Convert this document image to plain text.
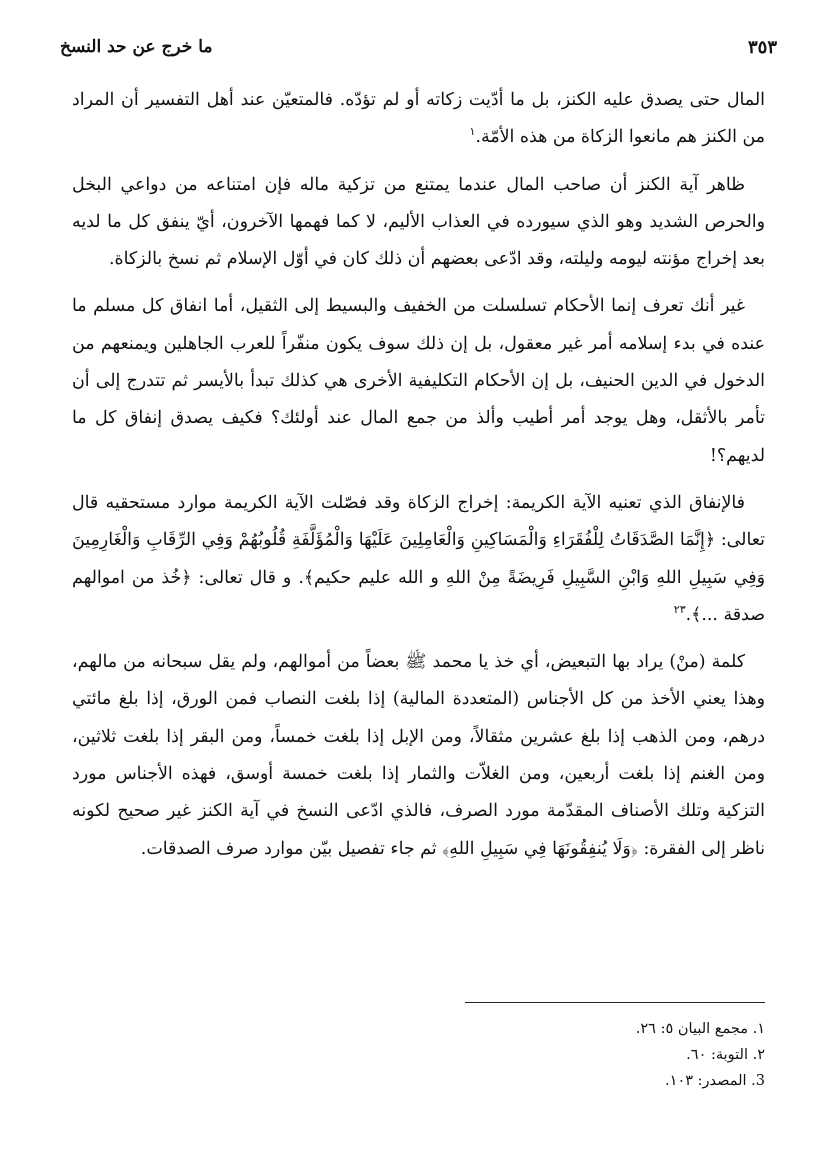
ما خرج عن حد النسخ	٣٥٣

المال حتى يصدق عليه الكنز، بل ما أدّيت زكاته أو لم تؤدّه. فالمتعيّن عند أهل التفسير أن المراد من الكنز هم مانعوا الزكاة من هذه الأمّة.$^١$

ظاهر آية الكنز أن صاحب المال عندما يمتنع من تزكية ماله فإن امتناعه من دواعي البخل والحرص الشديد وهو الذي سيورده في العذاب الأليم، لا كما فهمها الآخرون، أيّ ينفق كل ما لديه بعد إخراج مؤنته ليومه وليلته، وقد ادّعى بعضهم أن ذلك كان في أوّل الإسلام ثم نسخ بالزكاة.

غير أنك تعرف إنما الأحكام تسلسلت من الخفيف والبسيط إلى الثقيل، أما انفاق كل مسلم ما عنده في بدء إسلامه أمر غير معقول، بل إن ذلك سوف يكون منفّراً للعرب الجاهلين ويمنعهم من الدخول في الدين الحنيف، بل إن الأحكام التكليفية الأخرى هي كذلك تبدأ بالأيسر ثم تتدرج إلى أن تأمر بالأثقل، وهل يوجد أمر أطيب وألذ من جمع المال عند أولئك؟ فكيف يصدق إنفاق كل ما لديهم؟!

فالإنفاق الذي تعنيه الآية الكريمة: إخراج الزكاة وقد فصّلت الآية الكريمة موارد مستحقيه قال تعالى: ﴿إِنَّمَا الصَّدَقَاتُ لِلْفُقَرَاءِ وَالْمَسَاكِينِ وَالْعَامِلِينَ عَلَيْهَا وَالْمُؤَلَّفَةِ قُلُوبُهُمْ وَفِي الرِّقَابِ وَالْغَارِمِينَ وَفِي سَبِيلِ اللهِ وَابْنِ السَّبِيلِ فَرِيضَةً مِنْ اللهِ و الله عليم حكيم﴾. و قال تعالى: ﴿خُذ من اموالهم صدقة ...﴾.$^{٢٣}$

كلمة (منْ) يراد بها التبعيض، أي خذ يا محمد ﷺ بعضاً من أموالهم، ولم يقل سبحانه من مالهم، وهذا يعني الأخذ من كل الأجناس (المتعددة المالية) إذا بلغت النصاب فمن الورق، إذا بلغ مائتي درهم، ومن الذهب إذا بلغ عشرين مثقالاً، ومن الإبل إذا بلغت خمساً، ومن البقر إذا بلغت ثلاثين، ومن الغنم إذا بلغت أربعين، ومن الغلاّت والثمار إذا بلغت خمسة أوسق، فهذه الأجناس مورد التزكية وتلك الأصناف المقدّمة مورد الصرف، فالذي ادّعى النسخ في آية الكنز غير صحيح لكونه ناظر إلى الفقرة: ﴿وَلَا يُنفِقُونَهَا فِي سَبِيلِ اللهِ﴾ ثم جاء تفصيل بيّن موارد صرف الصدقات.

١. مجمع البيان ٥: ٢٦.
٢. التوبة: ٦٠.
3. المصدر: ١٠٣.
